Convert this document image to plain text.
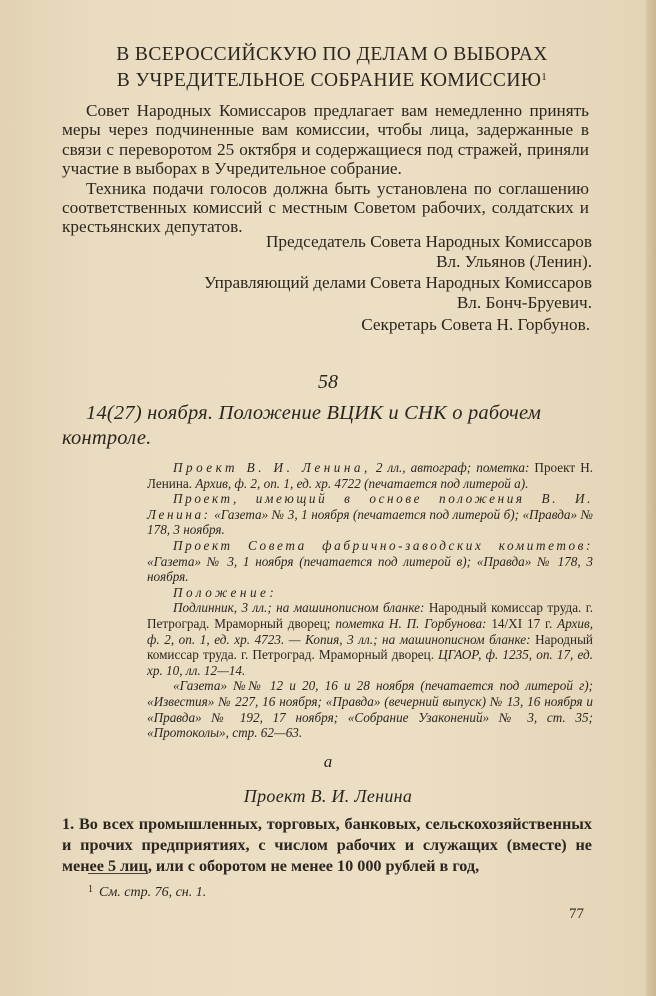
В ВСЕРОССИЙСКУЮ ПО ДЕЛАМ О ВЫБОРАХ
В УЧРЕДИТЕЛЬНОЕ СОБРАНИЕ КОМИССИЮ$^1$

Совет Народных Комиссаров предлагает вам немедленно принять меры через подчиненные вам комиссии, чтобы лица, задержанные в связи с переворотом 25 октября и содержащиеся под стражей, приняли участие в выборах в Учредительное собрание.

Техника подачи голосов должна быть установлена по соглашению соответственных комиссий с местным Советом рабочих, солдатских и крестьянских депутатов.

Председатель Совета Народных Комиссаров
Вл. Ульянов (Ленин).
Управляющий делами Совета Народных Комиссаров
Вл. Бонч-Бруевич.
Секретарь Совета Н. Горбунов.
58
14(27) ноября. Положение ВЦИК и СНК о рабочем
контроле.
Проект В. И. Ленина, 2 лл., автограф; пометка: Проект Н. Ленина. Архив, ф. 2, оп. 1, ед. хр. 4722 (печатается под литерой а).
Проект, имеющий в основе положения В. И. Ленина: «Газета» № 3, 1 ноября (печатается под литерой б); «Правда» № 178, 3 ноября.
Проект Совета фабрично-заводских комитетов: «Газета» № 3, 1 ноября (печатается под литерой в); «Правда» № 178, 3 ноября.
Положение:
Подлинник, 3 лл.; на машинописном бланке: Народный комиссар труда. г. Петроград. Мраморный дворец; пометка Н. П. Горбунова: 14/XI 17 г. Архив, ф. 2, оп. 1, ед. хр. 4723. — Копия, 3 лл.; на машинописном бланке: Народный комиссар труда. г. Петроград. Мраморный дворец. ЦГАОР, ф. 1235, оп. 17, ед. хр. 10, лл. 12—14.
«Газета» №№ 12 и 20, 16 и 28 ноября (печатается под литерой г); «Известия» № 227, 16 ноября; «Правда» (вечерний выпуск) № 13, 16 ноября и «Правда» № 192, 17 ноября; «Собрание Узаконений» № 3, ст. 35; «Протоколы», стр. 62—63.
а
Проект В. И. Ленина
1. Во всех промышленных, торговых, банковых, сельскохозяйственных и прочих предприятиях, с числом рабочих и служащих (вместе) не менее 5 лиц, или с оборотом не менее 10 000 рублей в год,
$^1$ См. стр. 76, сн. 1.
77
